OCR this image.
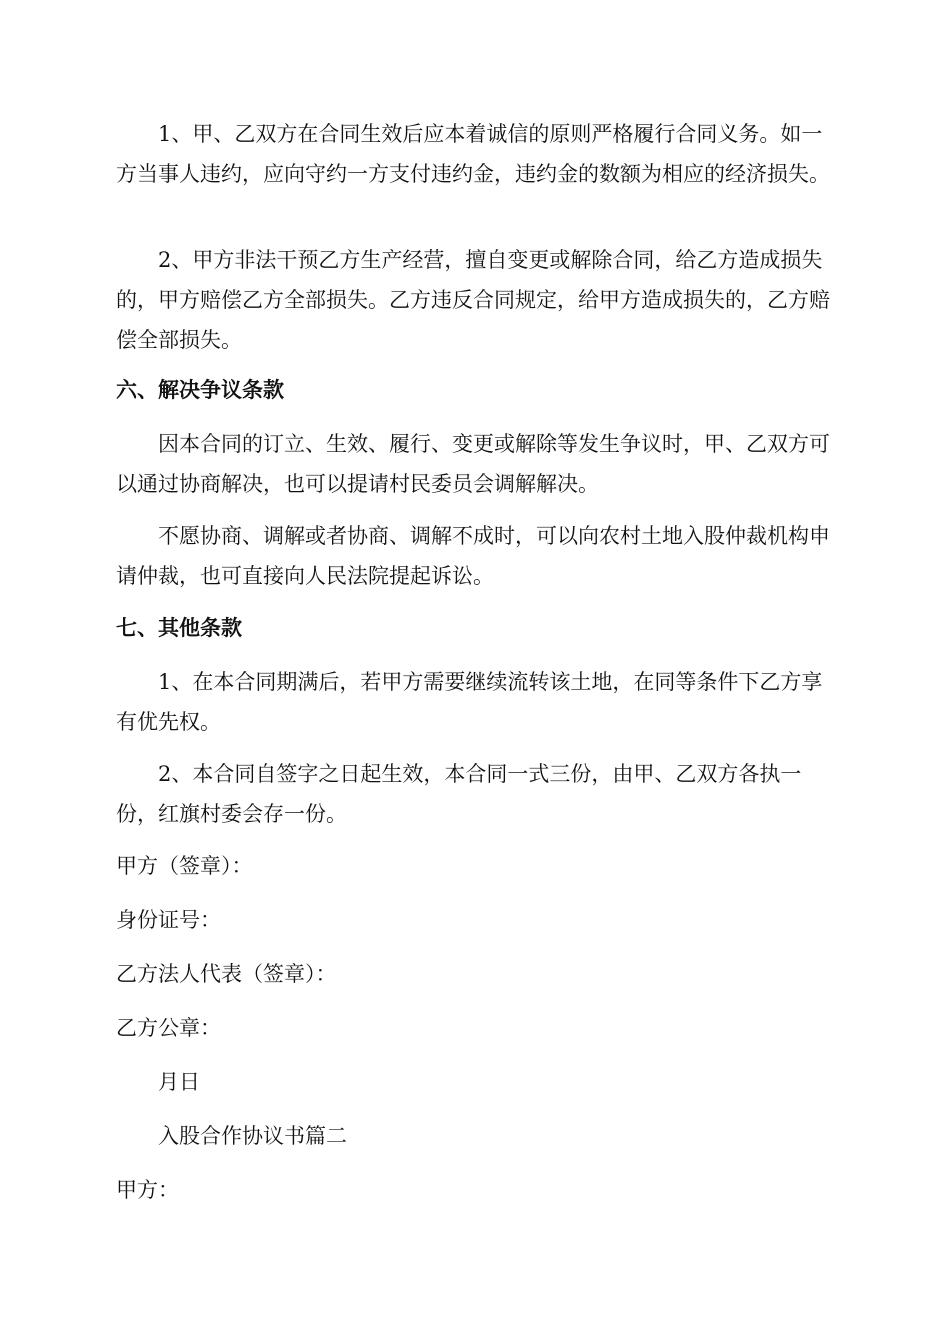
1、甲、乙双方在合同生效后应本着诚信的原则严格履行合同义务。如一方当事人违约，应向守约一方支付违约金，违约金的数额为相应的经济损失。

2、甲方非法干预乙方生产经营，擅自变更或解除合同，给乙方造成损失的，甲方赔偿乙方全部损失。乙方违反合同规定，给甲方造成损失的，乙方赔偿全部损失。

六、解决争议条款

因本合同的订立、生效、履行、变更或解除等发生争议时，甲、乙双方可以通过协商解决，也可以提请村民委员会调解解决。

不愿协商、调解或者协商、调解不成时，可以向农村土地入股仲裁机构申请仲裁，也可直接向人民法院提起诉讼。

七、其他条款

1、在本合同期满后，若甲方需要继续流转该土地，在同等条件下乙方享有优先权。

2、本合同自签字之日起生效，本合同一式三份，由甲、乙双方各执一份，红旗村委会存一份。

甲方（签章）：

身份证号：

乙方法人代表（签章）：

乙方公章：

月日

入股合作协议书篇二

甲方：
